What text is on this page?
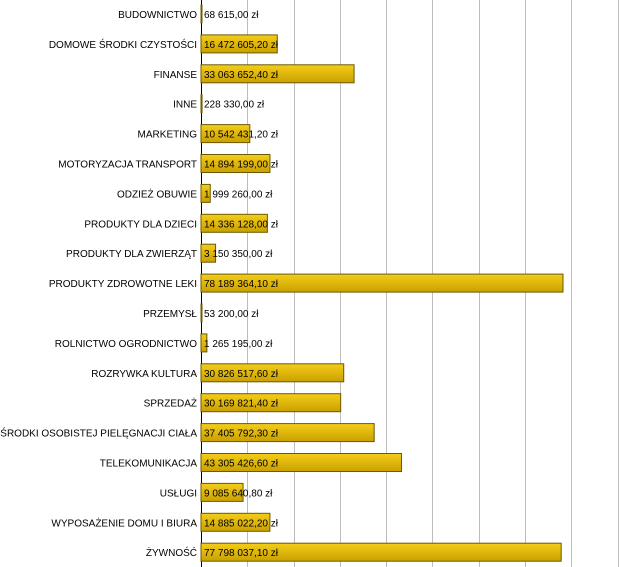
BUDOWNICTWO 68 615,00 zł
DOMOWE ŚRODKI CZYSTOŚCI 16 472 605,20 zł
FINANSE 33 063 652,40 zł
INNE 228 330,00 zł
MARKETING 10 542 431,20 zł
MOTORYZACJA TRANSPORT 14 894 199,00 zł
ODZIEŻ OBUWIE 1 999 260,00 zł
PRODUKTY DLA DZIECI 14 336 128,00 zł
PRODUKTY DLA ZWIERZĄT 3 150 350,00 zł
PRODUKTY ZDROWOTNE LEKI 78 189 364,10 zł
PRZEMYSŁ 53 200,00 zł
ROLNICTWO OGRODNICTWO 1 265 195,00 zł
ROZRYWKA KULTURA 30 826 517,60 zł
SPRZEDAŻ 30 169 821,40 zł
ŚRODKI OSOBISTEJ PIELĘGNACJI CIAŁA 37 405 792,30 zł
TELEKOMUNIKACJA 43 305 426,60 zł
USŁUGI 9 085 640,80 zł
WYPOSAŻENIE DOMU I BIURA 14 885 022,20 zł
ŻYWNOŚĆ 77 798 037,10 zł
